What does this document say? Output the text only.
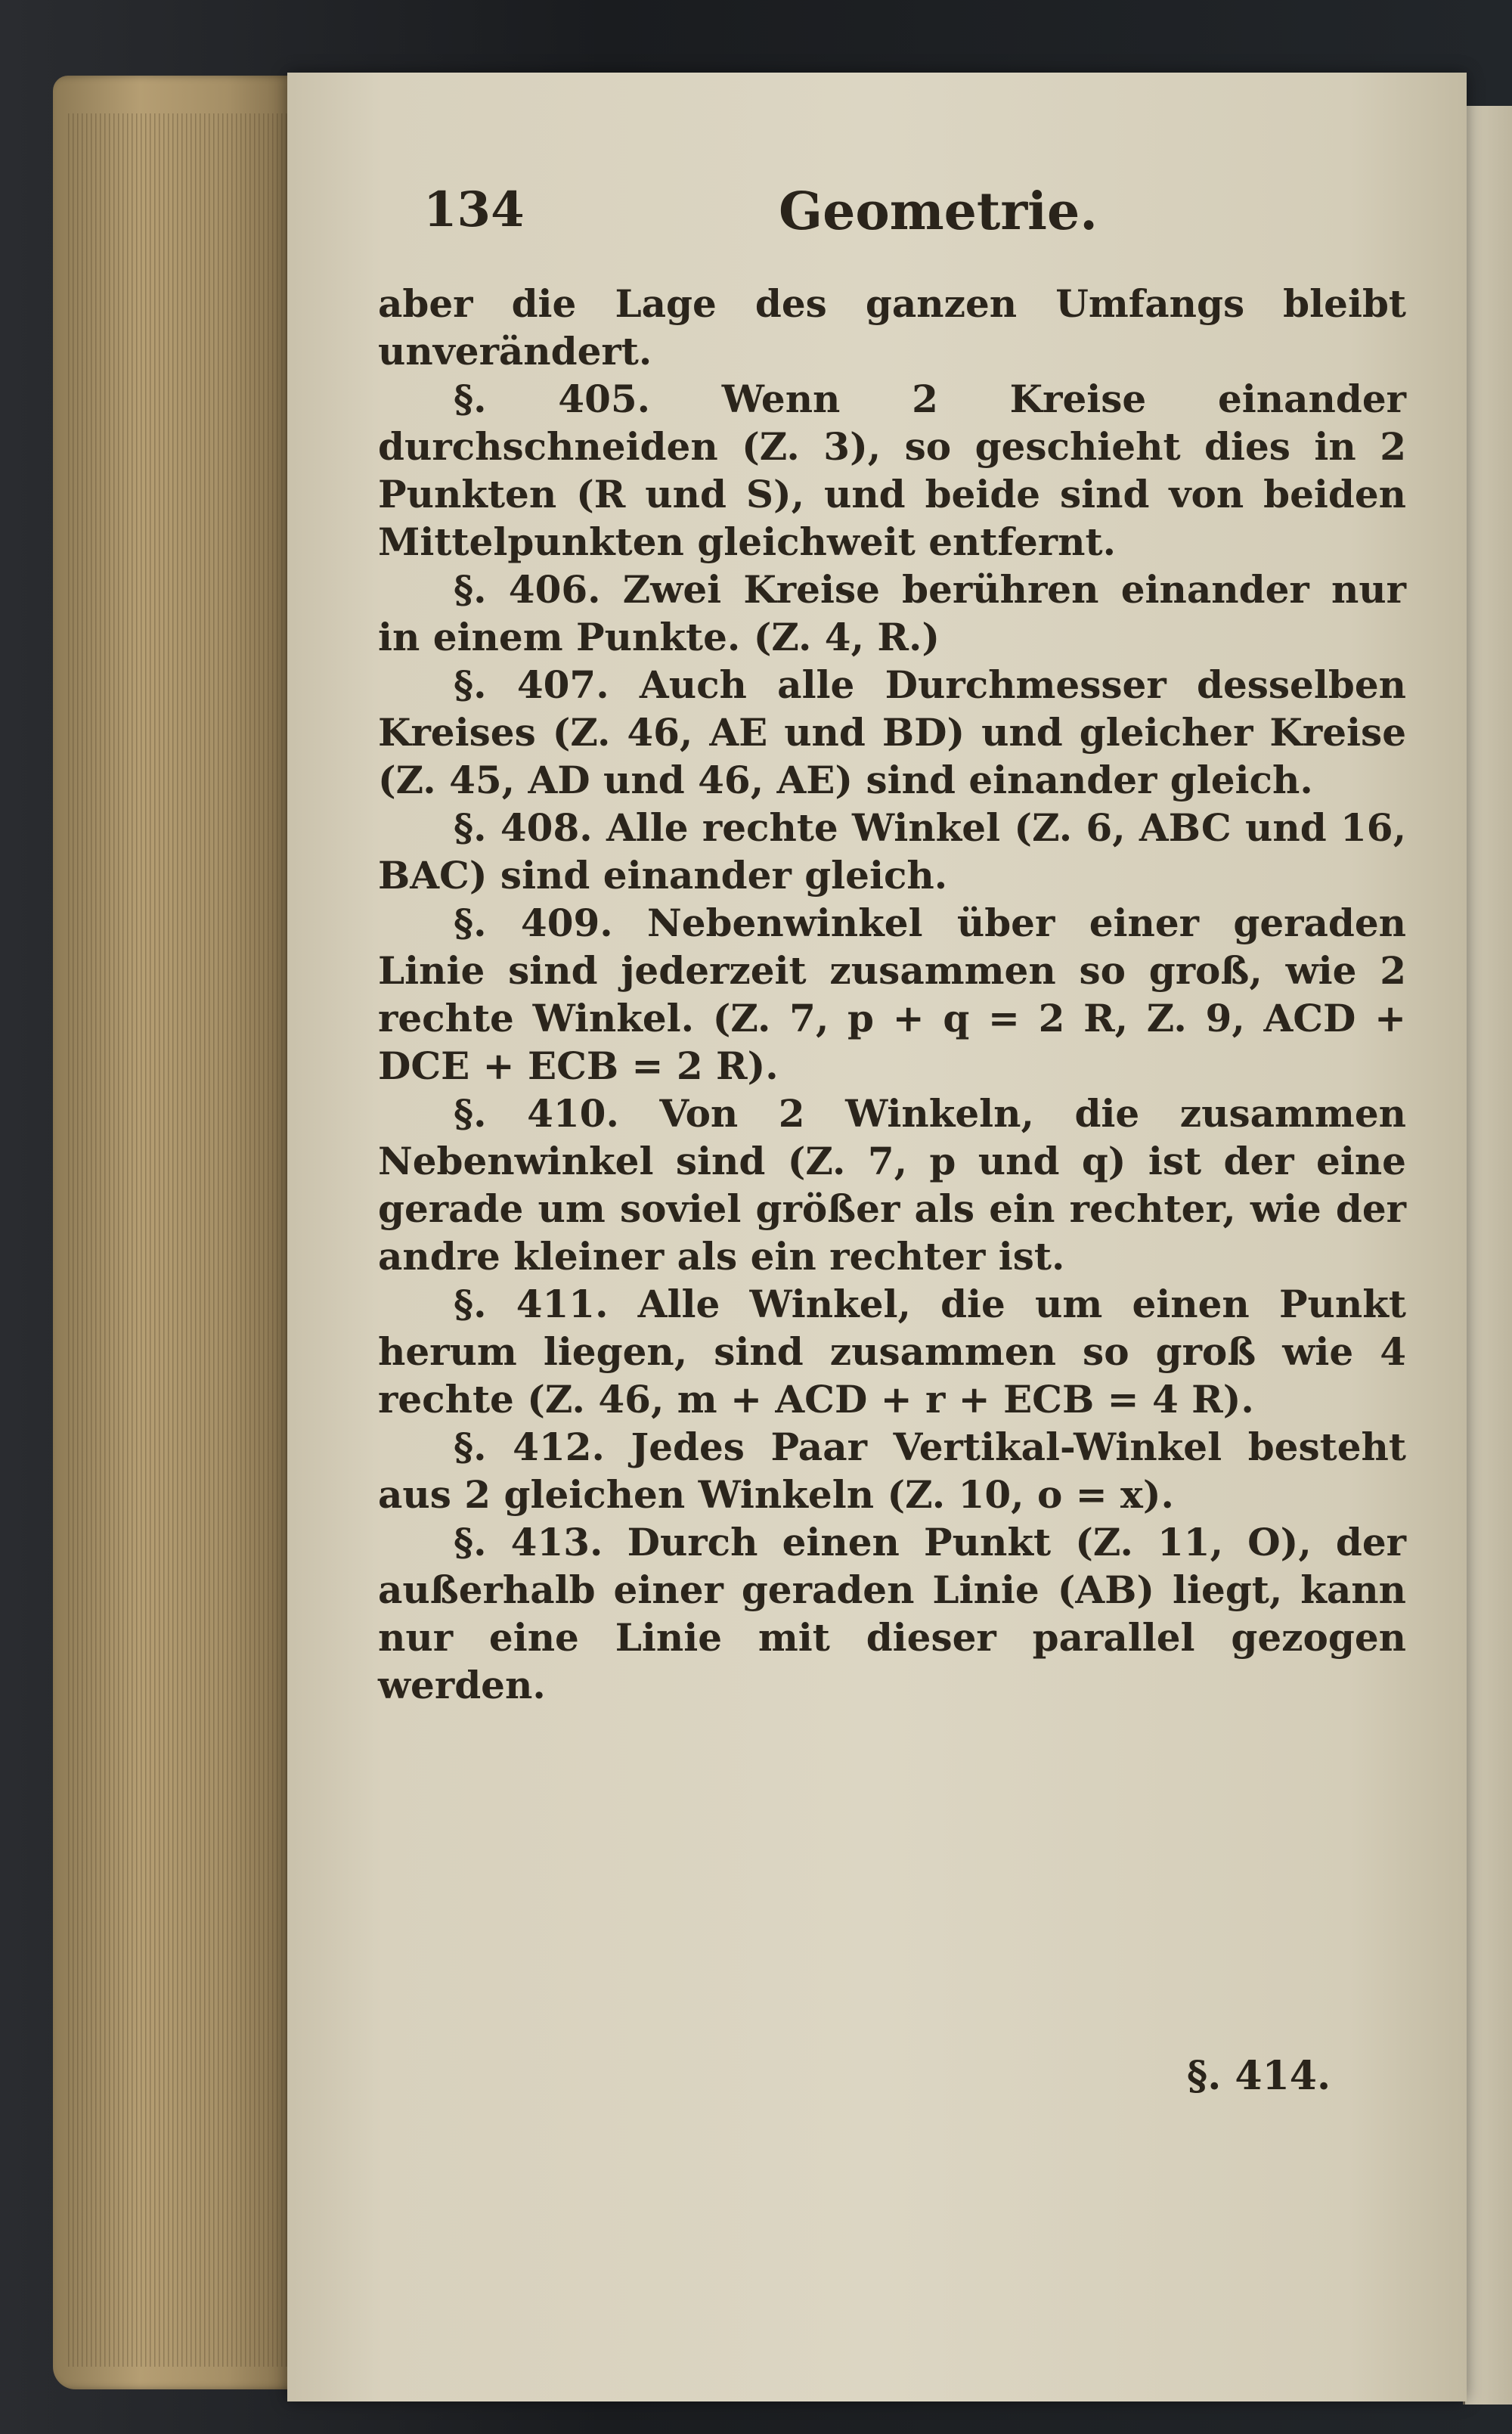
134	Geometrie.

aber die Lage des ganzen Umfangs bleibt unverändert.

§. 405. Wenn 2 Kreise einander durchschneiden (Z. 3), so geschieht dies in 2 Punkten (R und S), und beide sind von beiden Mittelpunkten gleichweit entfernt.

§. 406. Zwei Kreise berühren einander nur in einem Punkte. (Z. 4, R.)

§. 407. Auch alle Durchmesser desselben Kreises (Z. 46, AE und BD) und gleicher Kreise (Z. 45, AD und 46, AE) sind einander gleich.

§. 408. Alle rechte Winkel (Z. 6, ABC und 16, BAC) sind einander gleich.

§. 409. Nebenwinkel über einer geraden Linie sind jederzeit zusammen so groß, wie 2 rechte Winkel. (Z. 7, p + q = 2 R, Z. 9, ACD + DCE + ECB = 2 R).

§. 410. Von 2 Winkeln, die zusammen Nebenwinkel sind (Z. 7, p und q) ist der eine gerade um soviel größer als ein rechter, wie der andre kleiner als ein rechter ist.

§. 411. Alle Winkel, die um einen Punkt herum liegen, sind zusammen so groß wie 4 rechte (Z. 46, m + ACD + r + ECB = 4 R).

§. 412. Jedes Paar Vertikal-Winkel besteht aus 2 gleichen Winkeln (Z. 10, o = x).

§. 413. Durch einen Punkt (Z. 11, O), der außerhalb einer geraden Linie (AB) liegt, kann nur eine Linie mit dieser parallel gezogen werden.

§. 414.
